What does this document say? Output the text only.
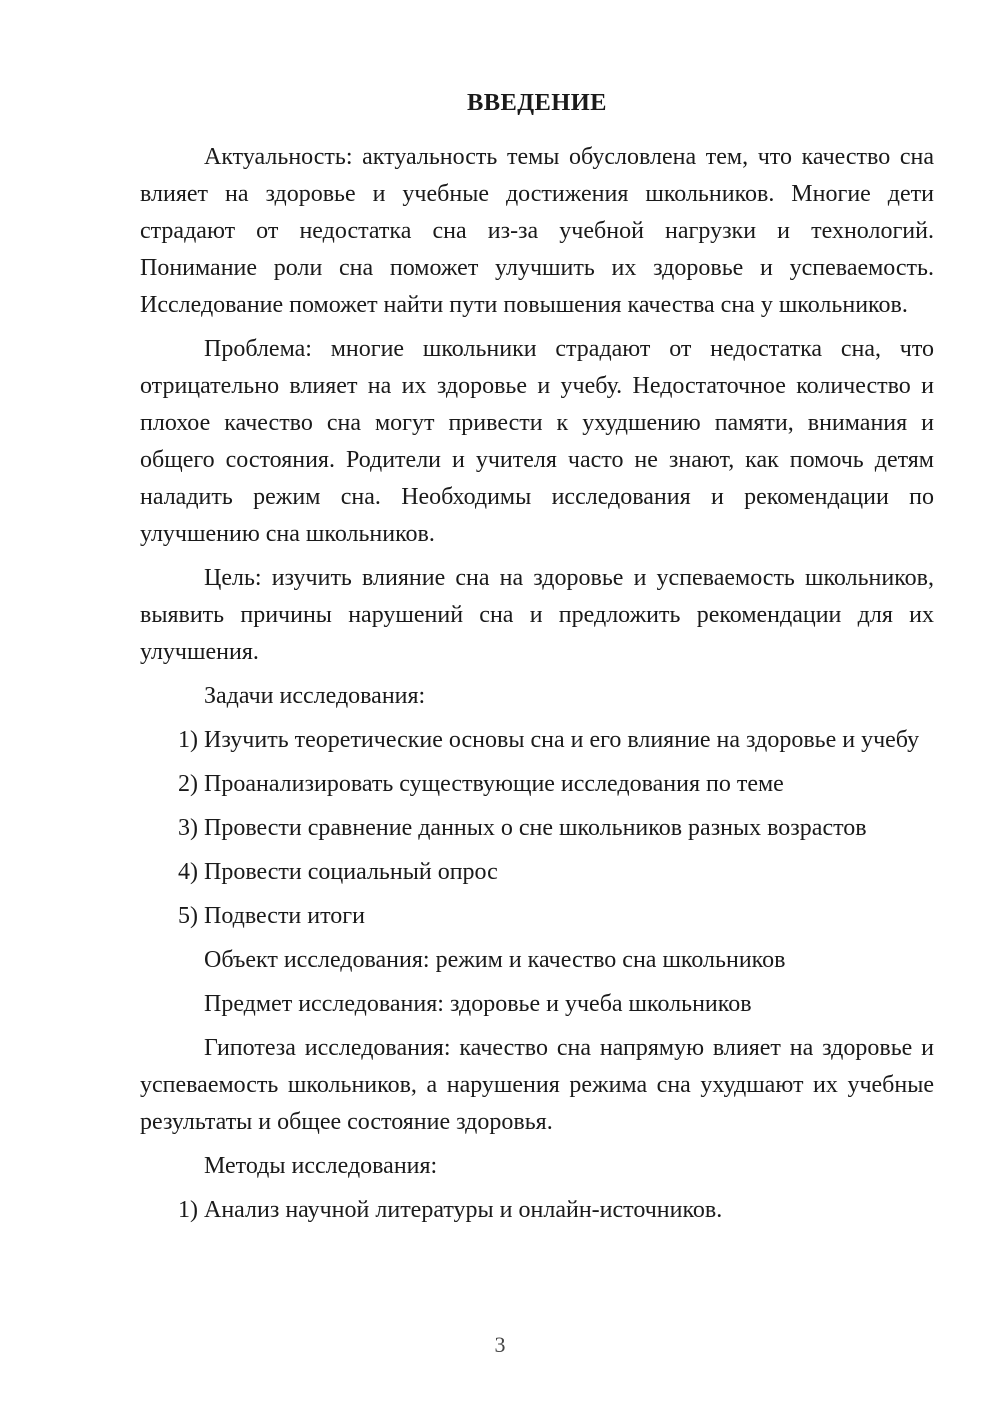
ВВЕДЕНИЕ

Актуальность: актуальность темы обусловлена тем, что качество сна влияет на здоровье и учебные достижения школьников. Многие дети страдают от недостатка сна из-за учебной нагрузки и технологий. Понимание роли сна поможет улучшить их здоровье и успеваемость. Исследование поможет найти пути повышения качества сна у школьников.

Проблема: многие школьники страдают от недостатка сна, что отрицательно влияет на их здоровье и учебу. Недостаточное количество и плохое качество сна могут привести к ухудшению памяти, внимания и общего состояния. Родители и учителя часто не знают, как помочь детям наладить режим сна. Необходимы исследования и рекомендации по улучшению сна школьников.

Цель: изучить влияние сна на здоровье и успеваемость школьников, выявить причины нарушений сна и предложить рекомендации для их улучшения.

Задачи исследования:

1) Изучить теоретические основы сна и его влияние на здоровье и учебу

2) Проанализировать существующие исследования по теме

3) Провести сравнение данных о сне школьников разных возрастов

4) Провести социальный опрос

5) Подвести итоги

Объект исследования: режим и качество сна школьников

Предмет исследования: здоровье и учеба школьников

Гипотеза исследования: качество сна напрямую влияет на здоровье и успеваемость школьников, а нарушения режима сна ухудшают их учебные результаты и общее состояние здоровья.

Методы исследования:

1) Анализ научной литературы и онлайн-источников.

3
